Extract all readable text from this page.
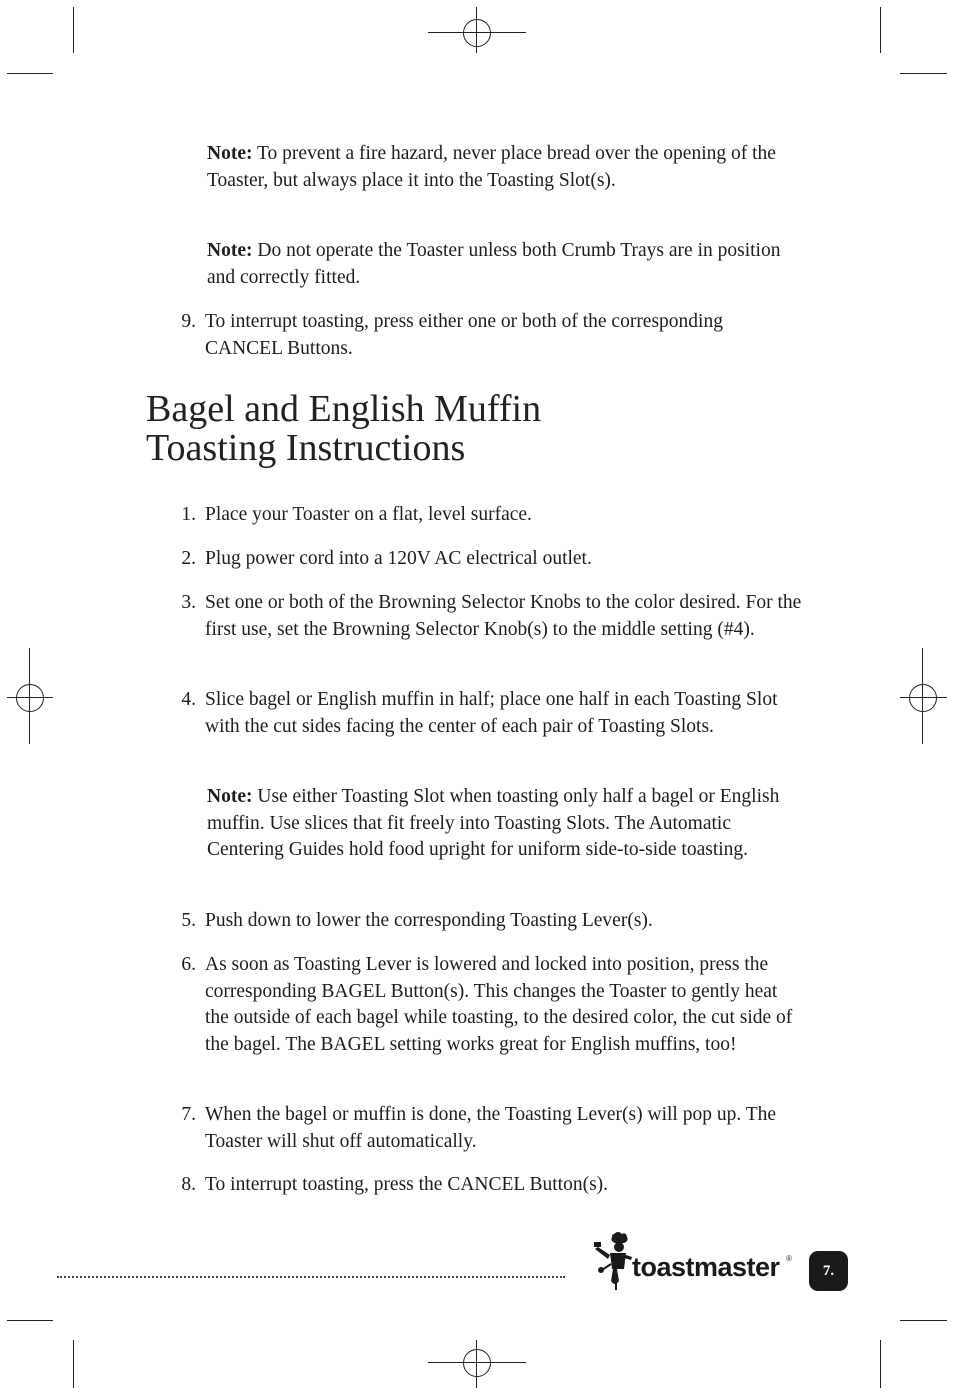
Note: To prevent a fire hazard, never place bread over the opening of the Toaster, but always place it into the Toasting Slot(s).
Note: Do not operate the Toaster unless both Crumb Trays are in position and correctly fitted.
9. To interrupt toasting, press either one or both of the corresponding CANCEL Buttons.
Bagel and English Muffin
Toasting Instructions
1. Place your Toaster on a flat, level surface.
2. Plug power cord into a 120V AC electrical outlet.
3. Set one or both of the Browning Selector Knobs to the color desired. For the first use, set the Browning Selector Knob(s) to the middle setting (#4).
4. Slice bagel or English muffin in half; place one half in each Toasting Slot with the cut sides facing the center of each pair of Toasting Slots.
Note: Use either Toasting Slot when toasting only half a bagel or English muffin. Use slices that fit freely into Toasting Slots. The Automatic Centering Guides hold food upright for uniform side-to-side toasting.
5. Push down to lower the corresponding Toasting Lever(s).
6. As soon as Toasting Lever is lowered and locked into position, press the corresponding BAGEL Button(s). This changes the Toaster to gently heat the outside of each bagel while toasting, to the desired color, the cut side of the bagel. The BAGEL setting works great for English muffins, too!
7. When the bagel or muffin is done, the Toasting Lever(s) will pop up. The Toaster will shut off automatically.
8. To interrupt toasting, press the CANCEL Button(s).
toastmaster ®
7.
